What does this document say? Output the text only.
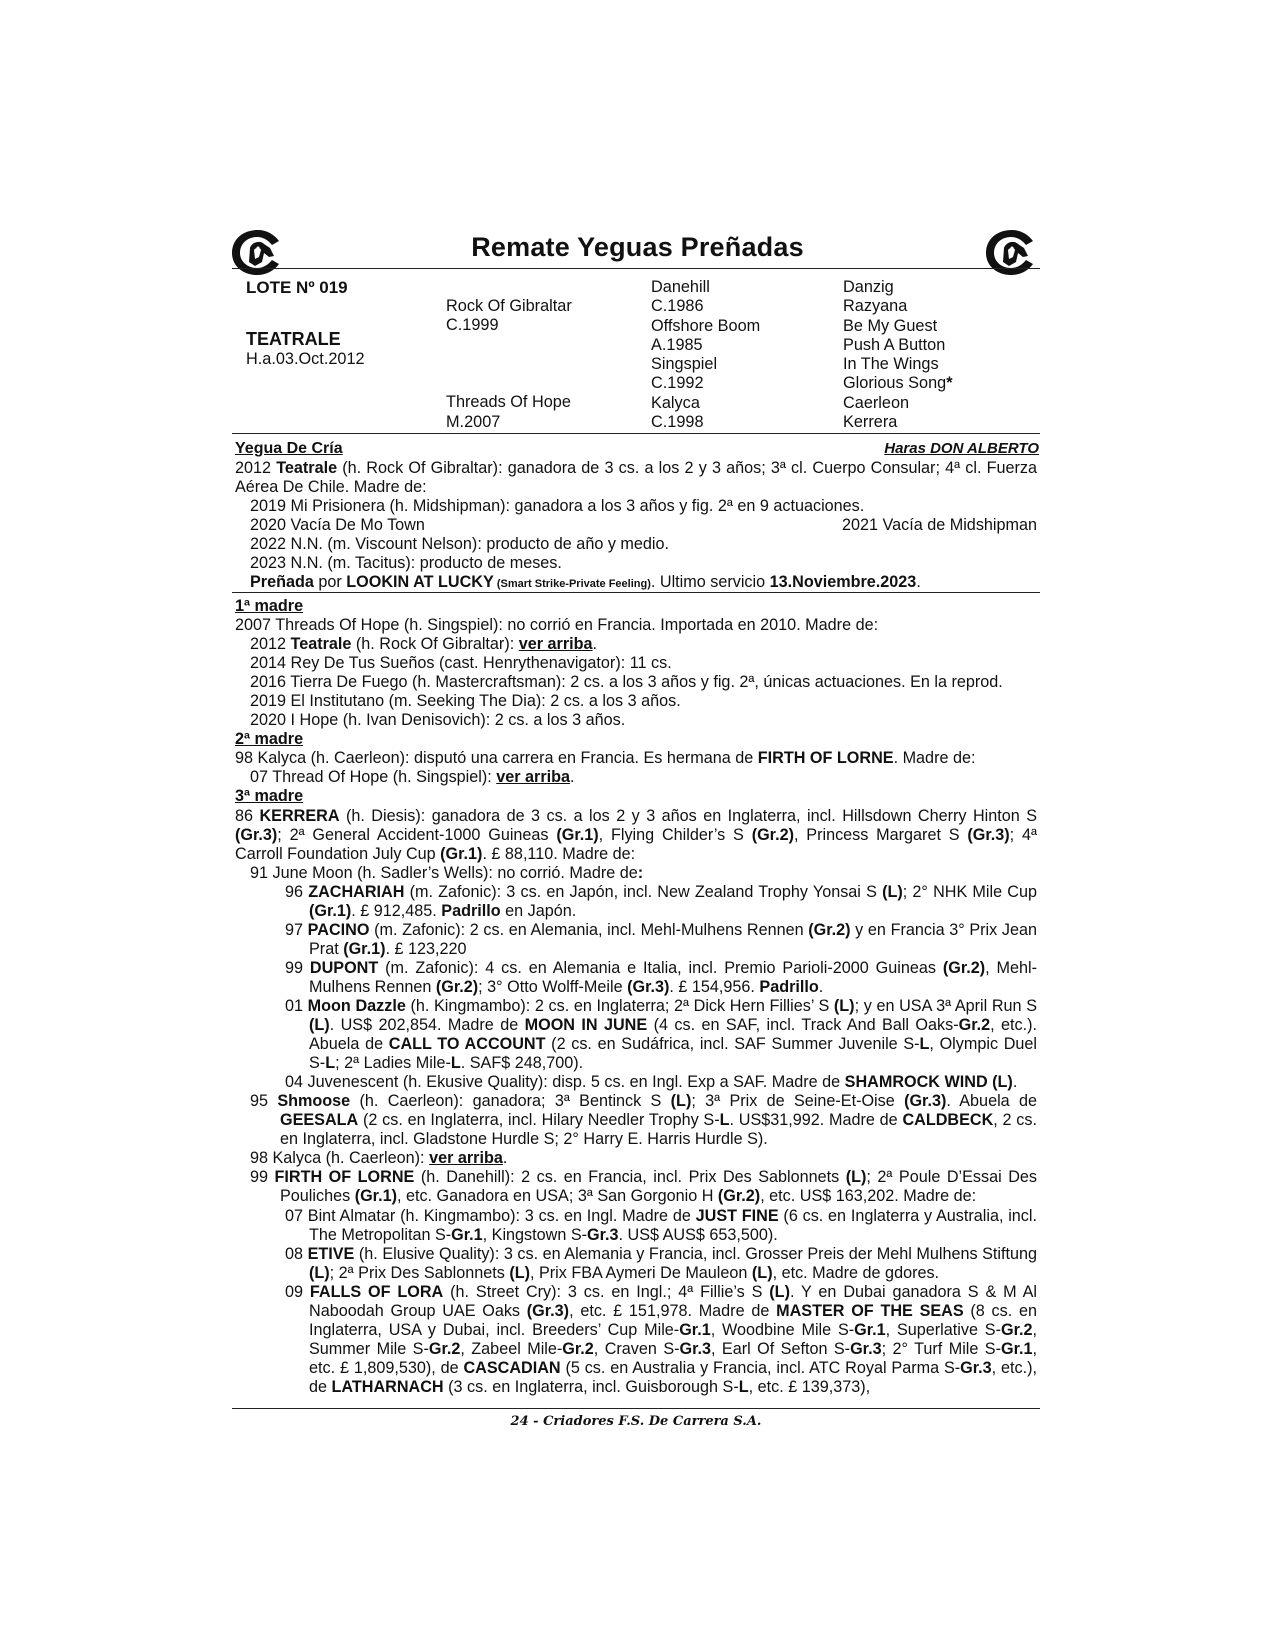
Remate Yeguas Preñadas
LOTE Nº 019
TEATRALE
H.a.03.Oct.2012
Rock Of Gibraltar
C.1999
Threads Of Hope
M.2007
Danehill
C.1986
Offshore Boom
A.1985
Singspiel
C.1992
Kalyca
C.1998
Danzig
Razyana
Be My Guest
Push A Button
In The Wings
Glorious Song*
Caerleon
Kerrera
Yegua De Cría	Haras DON ALBERTO

2012 Teatrale (h. Rock Of Gibraltar): ganadora de 3 cs. a los 2 y 3 años; 3ª cl. Cuerpo Consular; 4ª cl. Fuerza Aérea De Chile. Madre de:

2019 Mi Prisionera (h. Midshipman): ganadora a los 3 años y fig. 2ª en 9 actuaciones.

2020 Vacía De Mo Town	2021 Vacía de Midshipman

2022 N.N. (m. Viscount Nelson): producto de año y medio.

2023 N.N. (m. Tacitus): producto de meses.

Preñada por LOOKIN AT LUCKY (Smart Strike-Private Feeling). Ultimo servicio 13.Noviembre.2023.

1ª madre

2007 Threads Of Hope (h. Singspiel): no corrió en Francia. Importada en 2010. Madre de:

2012 Teatrale (h. Rock Of Gibraltar): ver arriba.

2014 Rey De Tus Sueños (cast. Henrythenavigator): 11 cs.

2016 Tierra De Fuego (h. Mastercraftsman): 2 cs. a los 3 años y fig. 2ª, únicas actuaciones. En la reprod.

2019 El Institutano (m. Seeking The Dia): 2 cs. a los 3 años.

2020 I Hope (h. Ivan Denisovich): 2 cs. a los 3 años.

2ª madre

98 Kalyca (h. Caerleon): disputó una carrera en Francia. Es hermana de FIRTH OF LORNE. Madre de:

07 Thread Of Hope (h. Singspiel): ver arriba.

3ª madre

86 KERRERA (h. Diesis): ganadora de 3 cs. a los 2 y 3 años en Inglaterra, incl. Hillsdown Cherry Hinton S (Gr.3); 2ª General Accident-1000 Guineas (Gr.1), Flying Childer’s S (Gr.2), Princess Margaret S (Gr.3); 4ª Carroll Foundation July Cup (Gr.1). £ 88,110. Madre de:

91 June Moon (h. Sadler’s Wells): no corrió. Madre de:

96 ZACHARIAH (m. Zafonic): 3 cs. en Japón, incl. New Zealand Trophy Yonsai S (L); 2° NHK Mile Cup (Gr.1). £ 912,485. Padrillo en Japón.

97 PACINO (m. Zafonic): 2 cs. en Alemania, incl. Mehl-Mulhens Rennen (Gr.2) y en Francia 3° Prix Jean Prat (Gr.1). £ 123,220

99 DUPONT (m. Zafonic): 4 cs. en Alemania e Italia, incl. Premio Parioli-2000 Guineas (Gr.2), Mehl-Mulhens Rennen (Gr.2); 3° Otto Wolff-Meile (Gr.3). £ 154,956. Padrillo.

01 Moon Dazzle (h. Kingmambo): 2 cs. en Inglaterra; 2ª Dick Hern Fillies’ S (L); y en USA 3ª April Run S (L). US$ 202,854. Madre de MOON IN JUNE (4 cs. en SAF, incl. Track And Ball Oaks-Gr.2, etc.). Abuela de CALL TO ACCOUNT (2 cs. en Sudáfrica, incl. SAF Summer Juvenile S-L, Olympic Duel S-L; 2ª Ladies Mile-L. SAF$ 248,700).

04 Juvenescent (h. Ekusive Quality): disp. 5 cs. en Ingl. Exp a SAF. Madre de SHAMROCK WIND (L).

95 Shmoose (h. Caerleon): ganadora; 3ª Bentinck S (L); 3ª Prix de Seine-Et-Oise (Gr.3). Abuela de GEESALA (2 cs. en Inglaterra, incl. Hilary Needler Trophy S-L. US$31,992. Madre de CALDBECK, 2 cs. en Inglaterra, incl. Gladstone Hurdle S; 2° Harry E. Harris Hurdle S).

98 Kalyca (h. Caerleon): ver arriba.

99 FIRTH OF LORNE (h. Danehill): 2 cs. en Francia, incl. Prix Des Sablonnets (L); 2ª Poule D’Essai Des Pouliches (Gr.1), etc. Ganadora en USA; 3ª San Gorgonio H (Gr.2), etc. US$ 163,202. Madre de:

07 Bint Almatar (h. Kingmambo): 3 cs. en Ingl. Madre de JUST FINE (6 cs. en Inglaterra y Australia, incl. The Metropolitan S-Gr.1, Kingstown S-Gr.3. US$ AUS$ 653,500).

08 ETIVE (h. Elusive Quality): 3 cs. en Alemania y Francia, incl. Grosser Preis der Mehl Mulhens Stiftung (L); 2ª Prix Des Sablonnets (L), Prix FBA Aymeri De Mauleon (L), etc. Madre de gdores.

09 FALLS OF LORA (h. Street Cry): 3 cs. en Ingl.; 4ª Fillie’s S (L). Y en Dubai ganadora S & M Al Naboodah Group UAE Oaks (Gr.3), etc. £ 151,978. Madre de MASTER OF THE SEAS (8 cs. en Inglaterra, USA y Dubai, incl. Breeders’ Cup Mile-Gr.1, Woodbine Mile S-Gr.1, Superlative S-Gr.2, Summer Mile S-Gr.2, Zabeel Mile-Gr.2, Craven S-Gr.3, Earl Of Sefton S-Gr.3; 2° Turf Mile S-Gr.1, etc. £ 1,809,530), de CASCADIAN (5 cs. en Australia y Francia, incl. ATC Royal Parma S-Gr.3, etc.), de LATHARNACH (3 cs. en Inglaterra, incl. Guisborough S-L, etc. £ 139,373),

24 - Criadores F.S. De Carrera S.A.
